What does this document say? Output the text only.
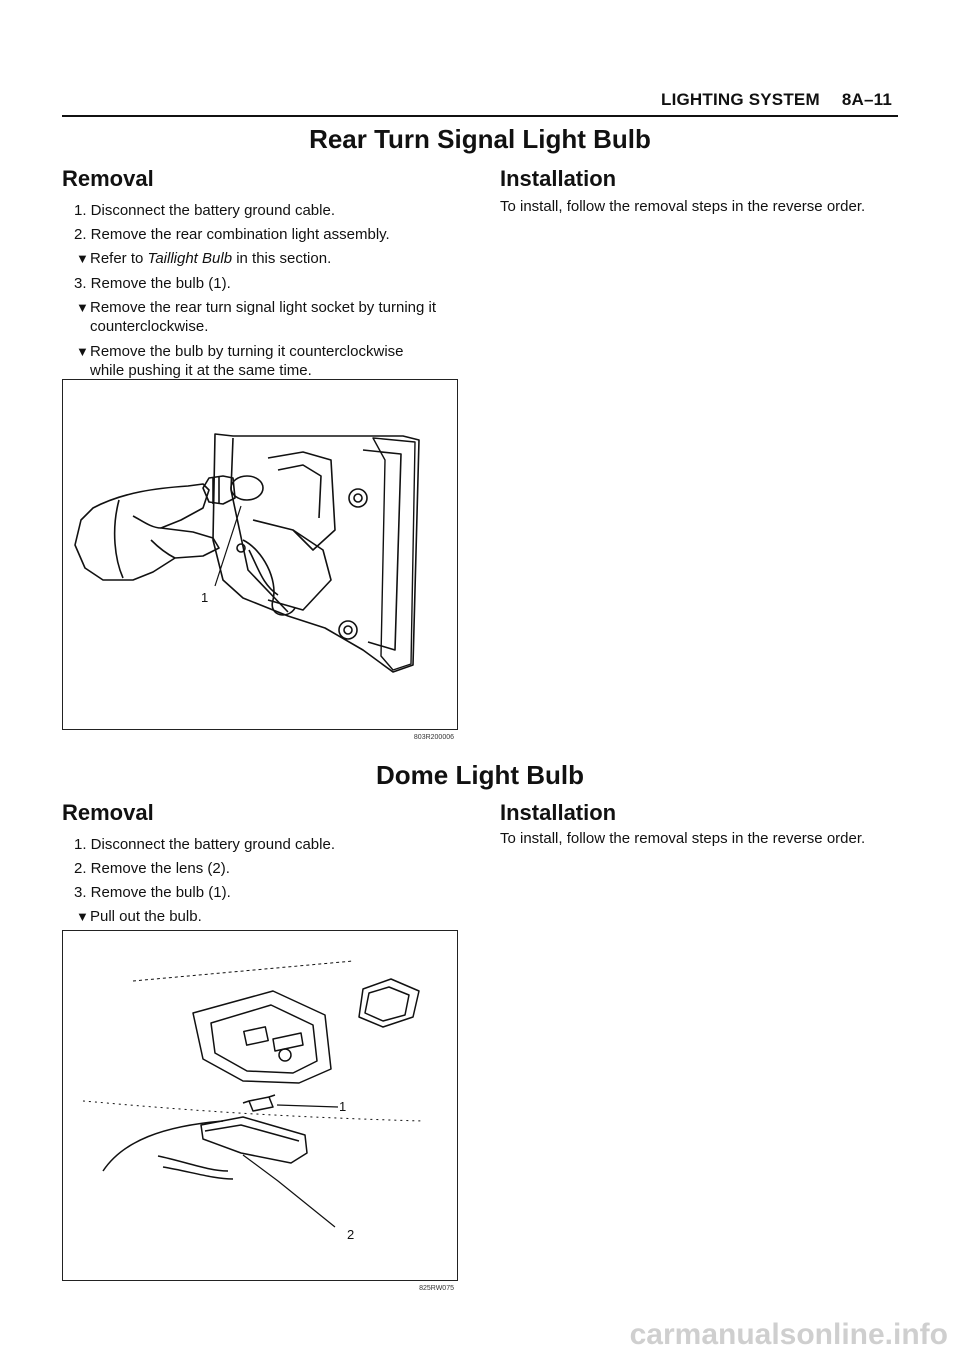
LIGHTING SYSTEM 8A–11
Rear Turn Signal Light Bulb
Removal
1. Disconnect the battery ground cable.
2. Remove the rear combination light assembly.
▼ Refer to Taillight Bulb in this section.
3. Remove the bulb (1).
▼ Remove the rear turn signal light socket by turning it
counterclockwise.
▼ Remove the bulb by turning it counterclockwise
while pushing it at the same time.
Installation
To install, follow the removal steps in the reverse order.
1
803R200006
Dome Light Bulb
Removal
1. Disconnect the battery ground cable.
2. Remove the lens (2).
3. Remove the bulb (1).
▼ Pull out the bulb.
Installation
To install, follow the removal steps in the reverse order.
1
2
825RW075
carmanualsonline.info
